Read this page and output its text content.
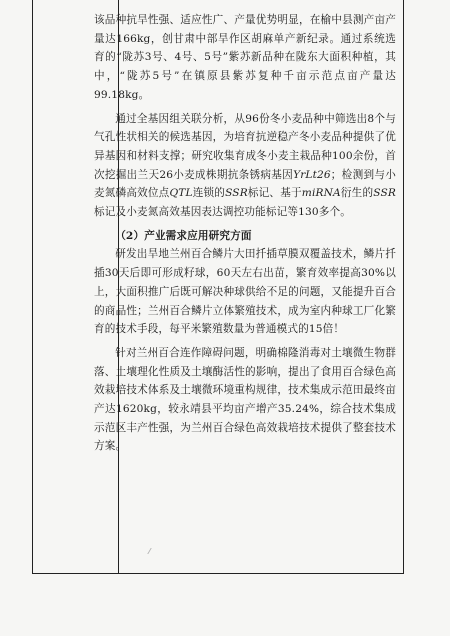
该品种抗旱性强、适应性广、产量优势明显，在榆中县测产亩产量达166kg，创甘肃中部旱作区胡麻单产新纪录。通过系统选育的“陇苏3号、4号、5号”紫苏新品种在陇东大面积种植，其中，“陇苏5号”在镇原县紫苏复种千亩示范点亩产量达99.18kg。

通过全基因组关联分析，从96份冬小麦品种中筛选出8个与气孔性状相关的候选基因，为培育抗逆稳产冬小麦品种提供了优异基因和材料支撑；研究收集育成冬小麦主栽品种100余份，首次挖掘出兰天26小麦成株期抗条锈病基因YrLt26；检测到与小麦氮磷高效位点QTL连锁的SSR标记、基于miRNA衍生的SSR标记及小麦氮高效基因表达调控功能标记等130多个。

（2）产业需求应用研究方面

研发出旱地兰州百合鳞片大田扦插草膜双覆盖技术，鳞片扦插30天后即可形成籽球，60天左右出苗，繁育效率提高30%以上，大面积推广后既可解决种球供给不足的问题，又能提升百合的商品性；兰州百合鳞片立体繁殖技术，成为室内种球工厂化繁育的技术手段，每平米繁殖数量为普通模式的15倍！

针对兰州百合连作障碍问题，明确棉隆消毒对土壤微生物群落、土壤理化性质及土壤酶活性的影响，提出了食用百合绿色高效栽培技术体系及土壤微环境重构规律，技术集成示范田最终亩产达1620kg，较永靖县平均亩产增产35.24%，综合技术集成示范区丰产性强，为兰州百合绿色高效栽培技术提供了整套技术方案。
